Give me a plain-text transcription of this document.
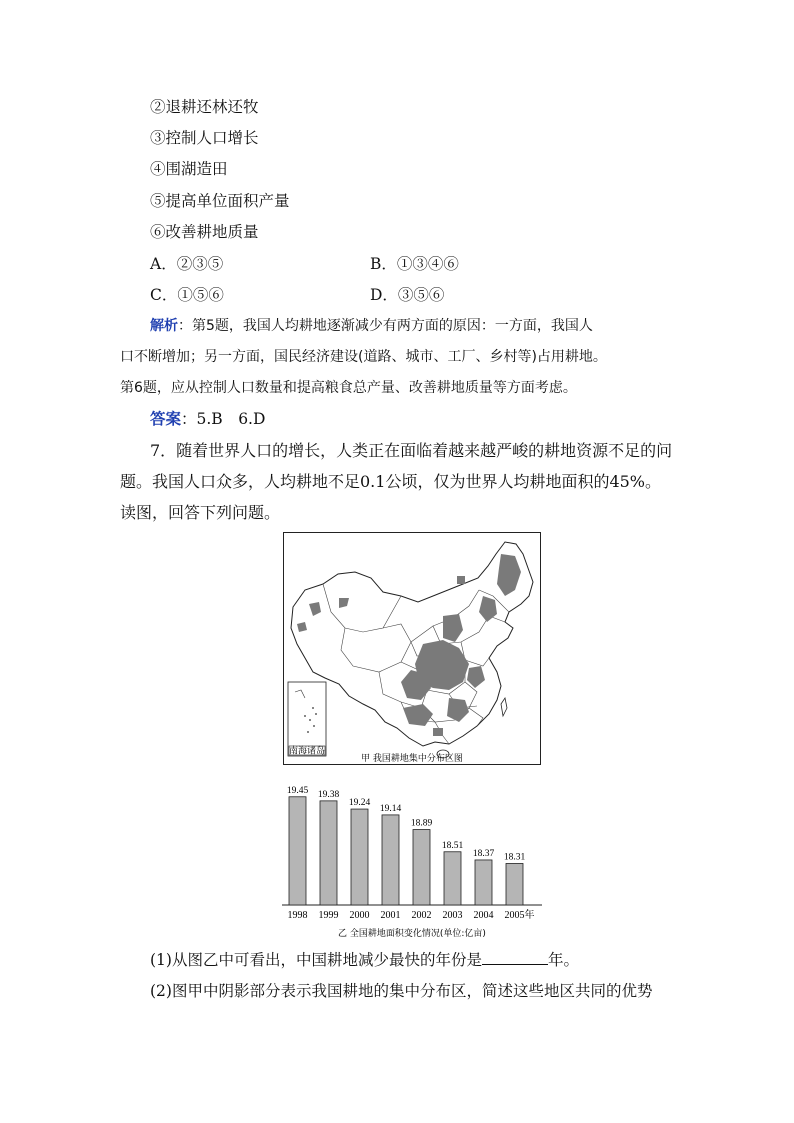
②退耕还林还牧
③控制人口增长
④围湖造田
⑤提高单位面积产量
⑥改善耕地质量
A．②③⑤	B．①③④⑥
C．①⑤⑥	D．③⑤⑥
解析：第5题，我国人均耕地逐渐减少有两方面的原因：一方面，我国人
口不断增加；另一方面，国民经济建设(道路、城市、工厂、乡村等)占用耕地。
第6题，应从控制人口数量和提高粮食总产量、改善耕地质量等方面考虑。
答案：5.B　6.D
7．随着世界人口的增长，人类正在面临着越来越严峻的耕地资源不足的问
题。我国人口众多，人均耕地不足0.1公顷，仅为世界人均耕地面积的45%。
读图，回答下列问题。
南海诸岛
甲 我国耕地集中分布区图
19.45 19.38
19.24
19.14
18.89
18.51
18.37 18.31
1998 1999 2000 2001 2002 2003 2004 2005年
乙 全国耕地面积变化情况(单位:亿亩)
(1)从图乙中可看出，中国耕地减少最快的年份是	年。
(2)图甲中阴影部分表示我国耕地的集中分布区，简述这些地区共同的优势
